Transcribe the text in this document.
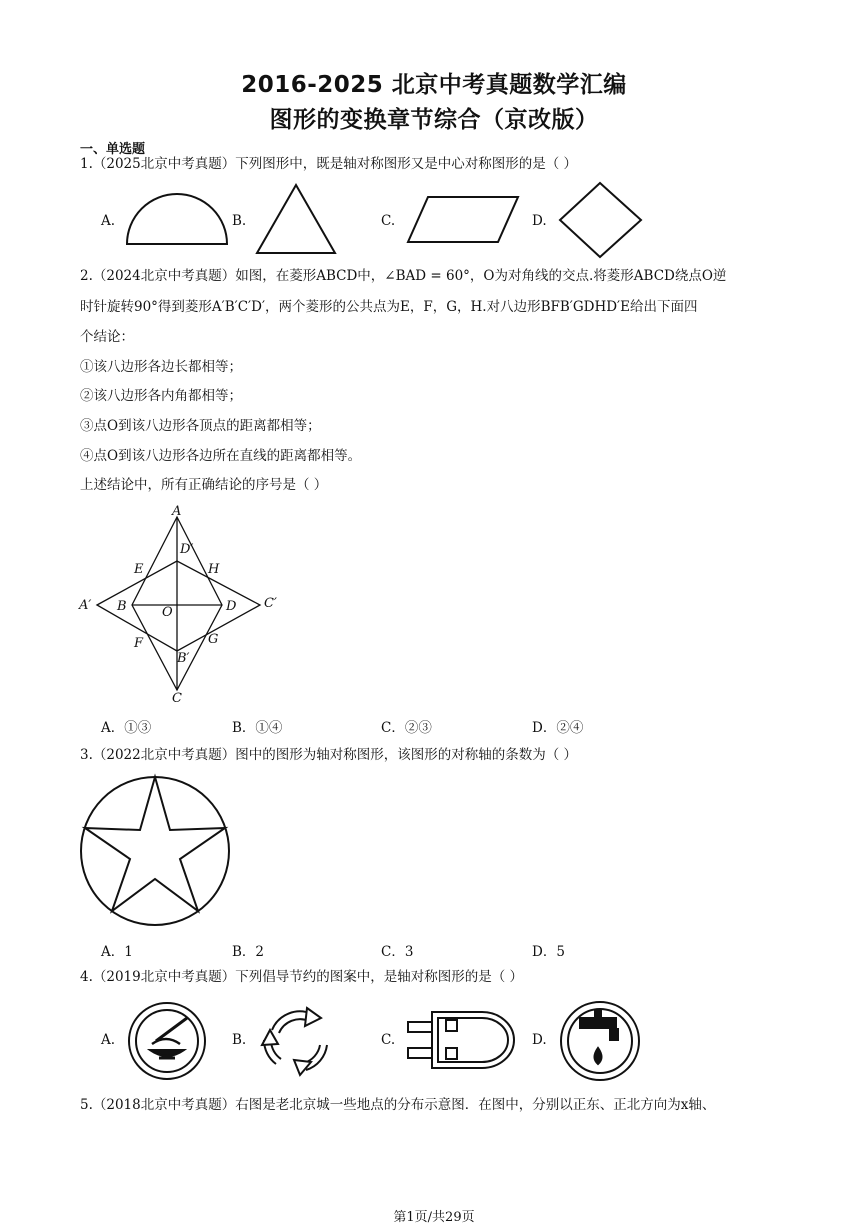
2016-2025 北京中考真题数学汇编
图形的变换章节综合（京改版）
一、单选题
1.（2025北京中考真题）下列图形中，既是轴对称图形又是中心对称图形的是（ ）
A.	B.	C.	D.
2.（2024北京中考真题）如图，在菱形ABCD中，∠BAD = 60°，O为对角线的交点.将菱形ABCD绕点O逆
时针旋转90°得到菱形A′B′C′D′，两个菱形的公共点为E，F，G，H.对八边形BFB′GDHD′E给出下面四
个结论：
①该八边形各边长都相等；
②该八边形各内角都相等；
③点O到该八边形各顶点的距离都相等；
④点O到该八边形各边所在直线的距离都相等。
上述结论中，所有正确结论的序号是（ ）
A
D′
E	H
A′ B	O	D C′
F	G
B′
C
A．①③	B．①④	C．②③	D．②④
3.（2022北京中考真题）图中的图形为轴对称图形，该图形的对称轴的条数为（ ）
A．1	B．2	C．3	D．5
4.（2019北京中考真题）下列倡导节约的图案中，是轴对称图形的是（ ）
A.	B.	C.	D.
5.（2018北京中考真题）右图是老北京城一些地点的分布示意图．在图中，分别以正东、正北方向为x轴、
第1页/共29页
